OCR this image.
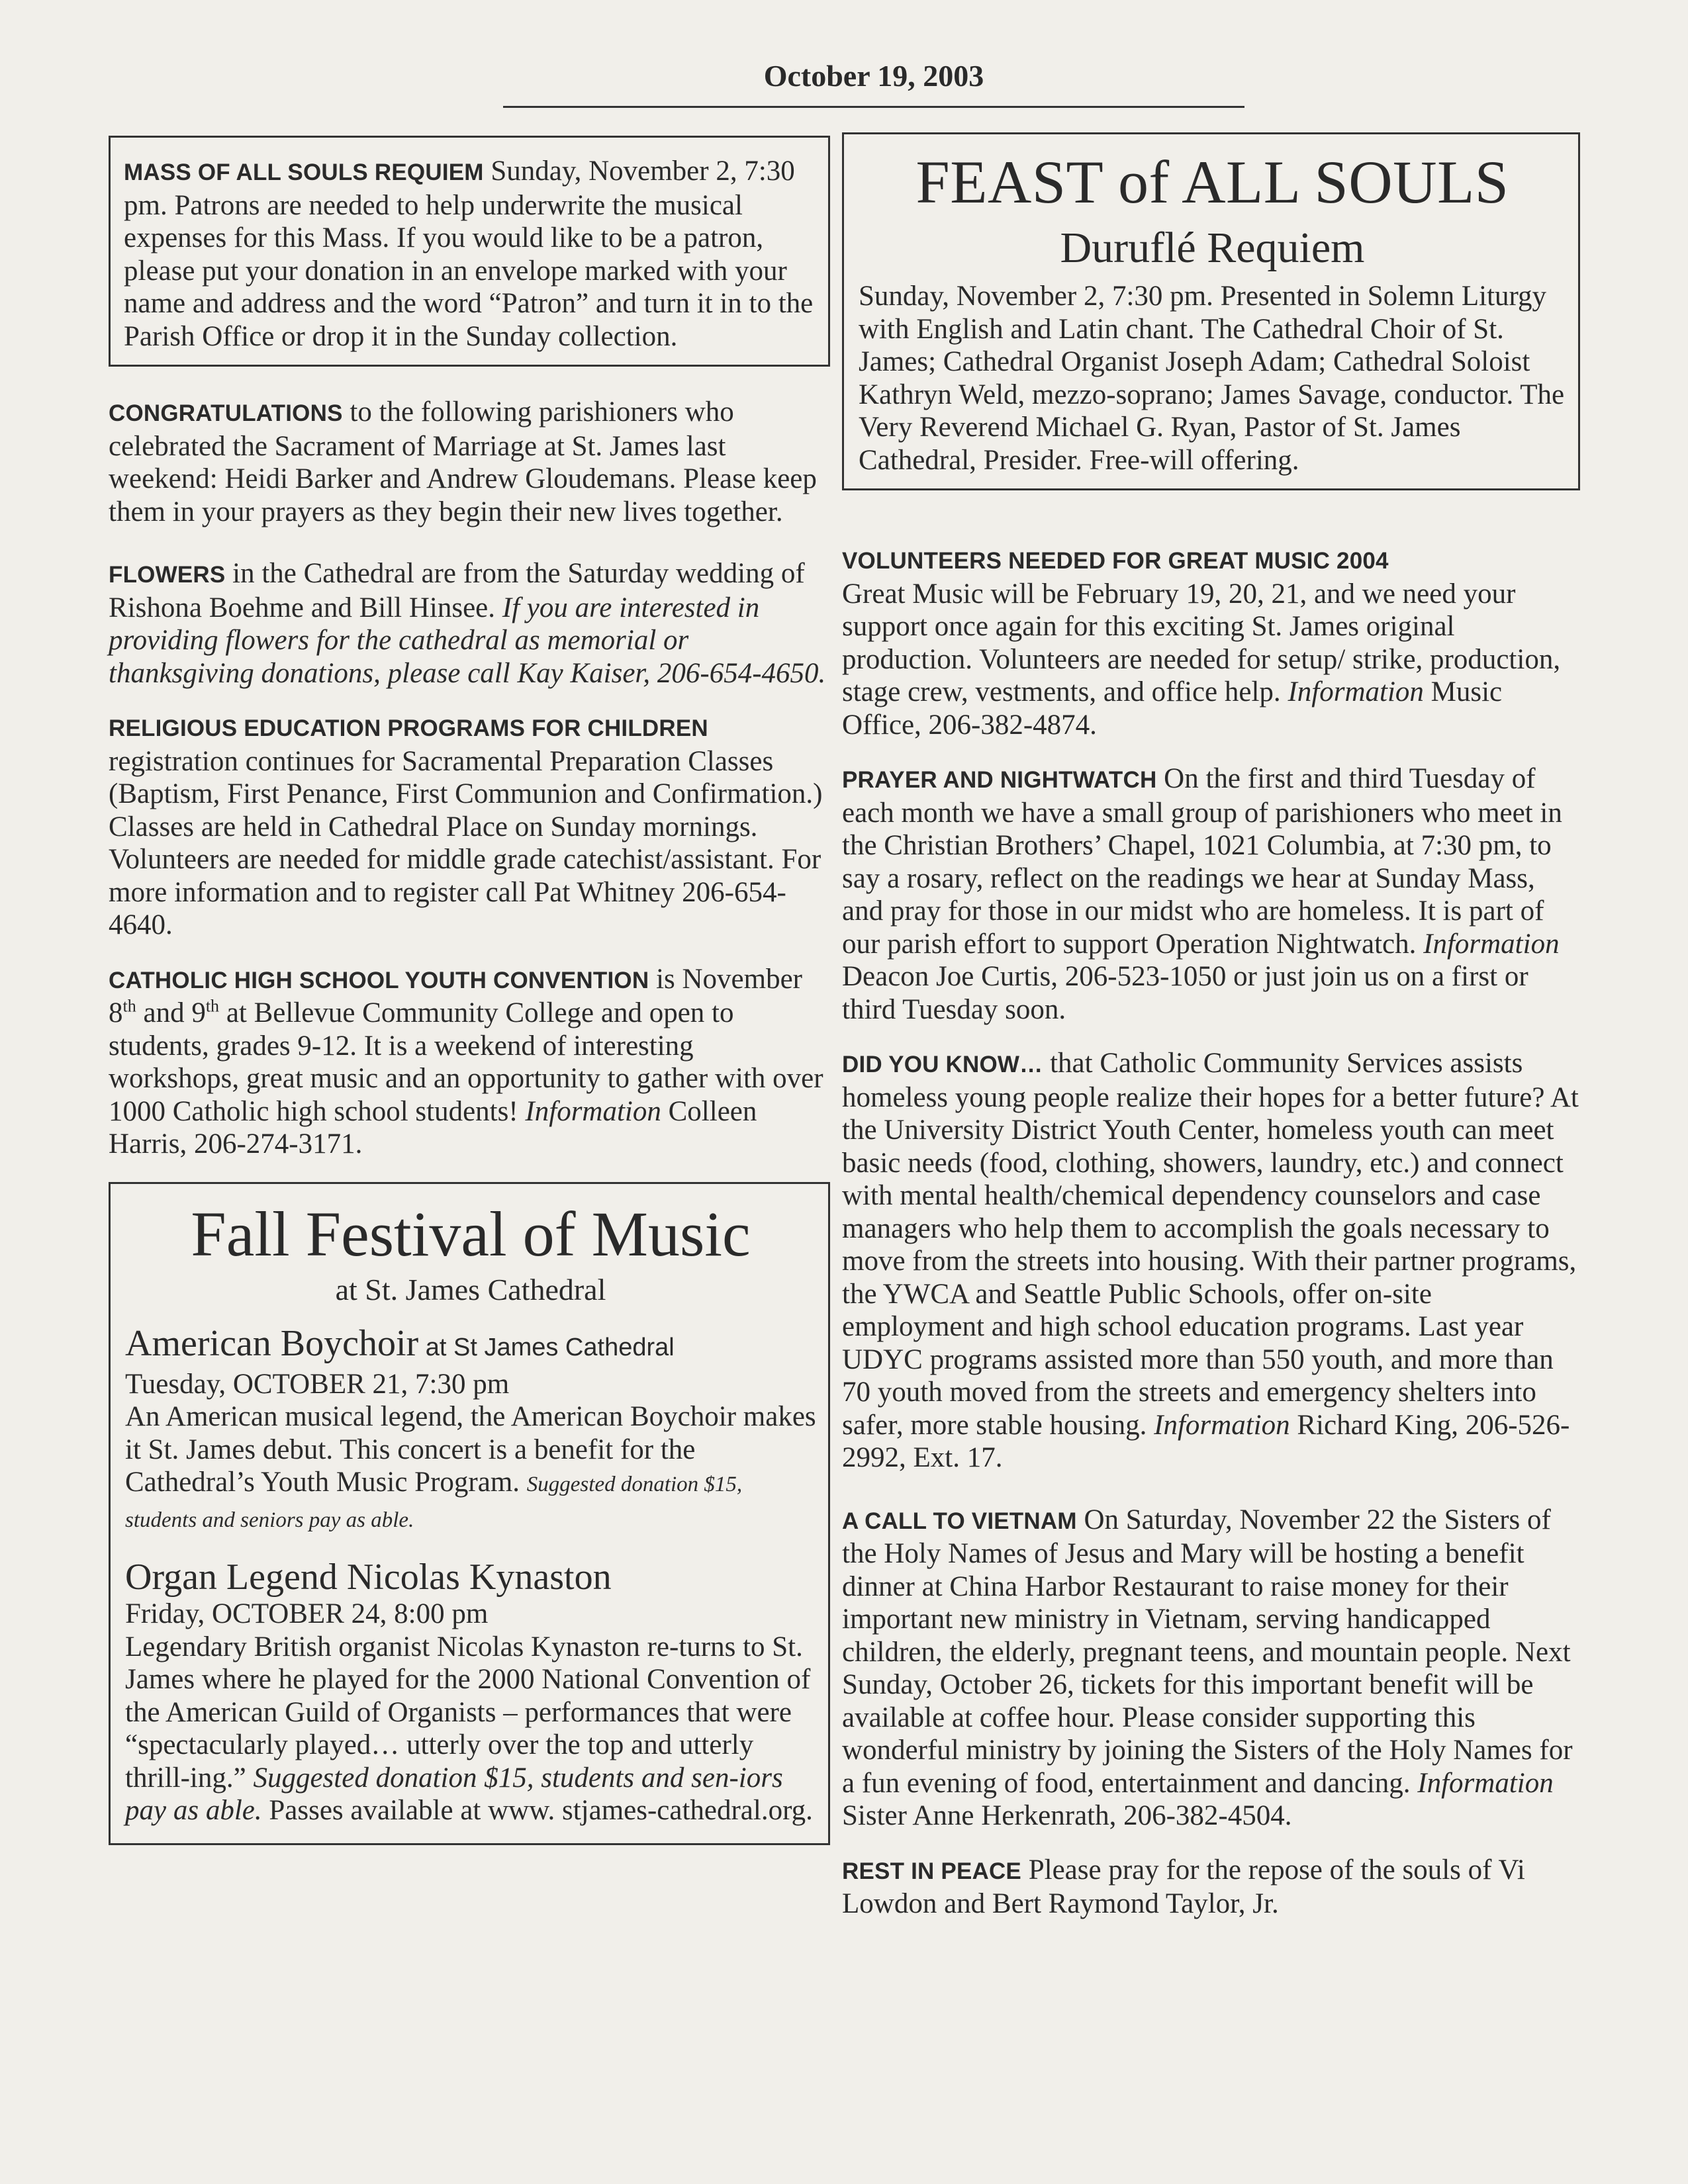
October 19, 2003

MASS OF ALL SOULS REQUIEM Sunday, November 2, 7:30 pm. Patrons are needed to help underwrite the musical expenses for this Mass. If you would like to be a patron, please put your donation in an envelope marked with your name and address and the word “Patron” and turn it in to the Parish Office or drop it in the Sunday collection.

CONGRATULATIONS to the following parishioners who celebrated the Sacrament of Marriage at St. James last weekend: Heidi Barker and Andrew Gloudemans. Please keep them in your prayers as they begin their new lives together.

FLOWERS in the Cathedral are from the Saturday wedding of Rishona Boehme and Bill Hinsee. If you are interested in providing flowers for the cathedral as memorial or thanksgiving donations, please call Kay Kaiser, 206-654-4650.

RELIGIOUS EDUCATION PROGRAMS FOR CHILDREN registration continues for Sacramental Preparation Classes (Baptism, First Penance, First Communion and Confirmation.) Classes are held in Cathedral Place on Sunday mornings. Volunteers are needed for middle grade catechist/assistant. For more information and to register call Pat Whitney 206-654-4640.

CATHOLIC HIGH SCHOOL YOUTH CONVENTION is November 8th and 9th at Bellevue Community College and open to students, grades 9-12. It is a weekend of interesting workshops, great music and an opportunity to gather with over 1000 Catholic high school students! Information Colleen Harris, 206-274-3171.

Fall Festival of Music

at St. James Cathedral

American Boychoir at St James Cathedral

Tuesday, OCTOBER 21, 7:30 pm

An American musical legend, the American Boychoir makes it St. James debut. This concert is a benefit for the Cathedral’s Youth Music Program. Suggested donation $15, students and seniors pay as able.

Organ Legend Nicolas Kynaston

Friday, OCTOBER 24, 8:00 pm

Legendary British organist Nicolas Kynaston re-turns to St. James where he played for the 2000 National Convention of the American Guild of Organists – performances that were “spectacularly played… utterly over the top and utterly thrill-ing.” Suggested donation $15, students and sen-iors pay as able. Passes available at www. stjames-cathedral.org.

FEAST of ALL SOULS

Duruflé Requiem

Sunday, November 2, 7:30 pm. Presented in Solemn Liturgy with English and Latin chant. The Cathedral Choir of St. James; Cathedral Organist Joseph Adam; Cathedral Soloist Kathryn Weld, mezzo-soprano; James Savage, conductor. The Very Reverend Michael G. Ryan, Pastor of St. James Cathedral, Presider. Free-will offering.

VOLUNTEERS NEEDED FOR GREAT MUSIC 2004
Great Music will be February 19, 20, 21, and we need your support once again for this exciting St. James original production. Volunteers are needed for setup/ strike, production, stage crew, vestments, and office help. Information Music Office, 206-382-4874.

PRAYER AND NIGHTWATCH On the first and third Tuesday of each month we have a small group of parishioners who meet in the Christian Brothers’ Chapel, 1021 Columbia, at 7:30 pm, to say a rosary, reflect on the readings we hear at Sunday Mass, and pray for those in our midst who are homeless. It is part of our parish effort to support Operation Nightwatch. Information Deacon Joe Curtis, 206-523-1050 or just join us on a first or third Tuesday soon.

DID YOU KNOW… that Catholic Community Services assists homeless young people realize their hopes for a better future? At the University District Youth Center, homeless youth can meet basic needs (food, clothing, showers, laundry, etc.) and connect with mental health/chemical dependency counselors and case managers who help them to accomplish the goals necessary to move from the streets into housing. With their partner programs, the YWCA and Seattle Public Schools, offer on-site employment and high school education programs. Last year UDYC programs assisted more than 550 youth, and more than 70 youth moved from the streets and emergency shelters into safer, more stable housing. Information Richard King, 206-526-2992, Ext. 17.

A CALL TO VIETNAM On Saturday, November 22 the Sisters of the Holy Names of Jesus and Mary will be hosting a benefit dinner at China Harbor Restaurant to raise money for their important new ministry in Vietnam, serving handicapped children, the elderly, pregnant teens, and mountain people. Next Sunday, October 26, tickets for this important benefit will be available at coffee hour. Please consider supporting this wonderful ministry by joining the Sisters of the Holy Names for a fun evening of food, entertainment and dancing. Information Sister Anne Herkenrath, 206-382-4504.

REST IN PEACE Please pray for the repose of the souls of Vi Lowdon and Bert Raymond Taylor, Jr.
